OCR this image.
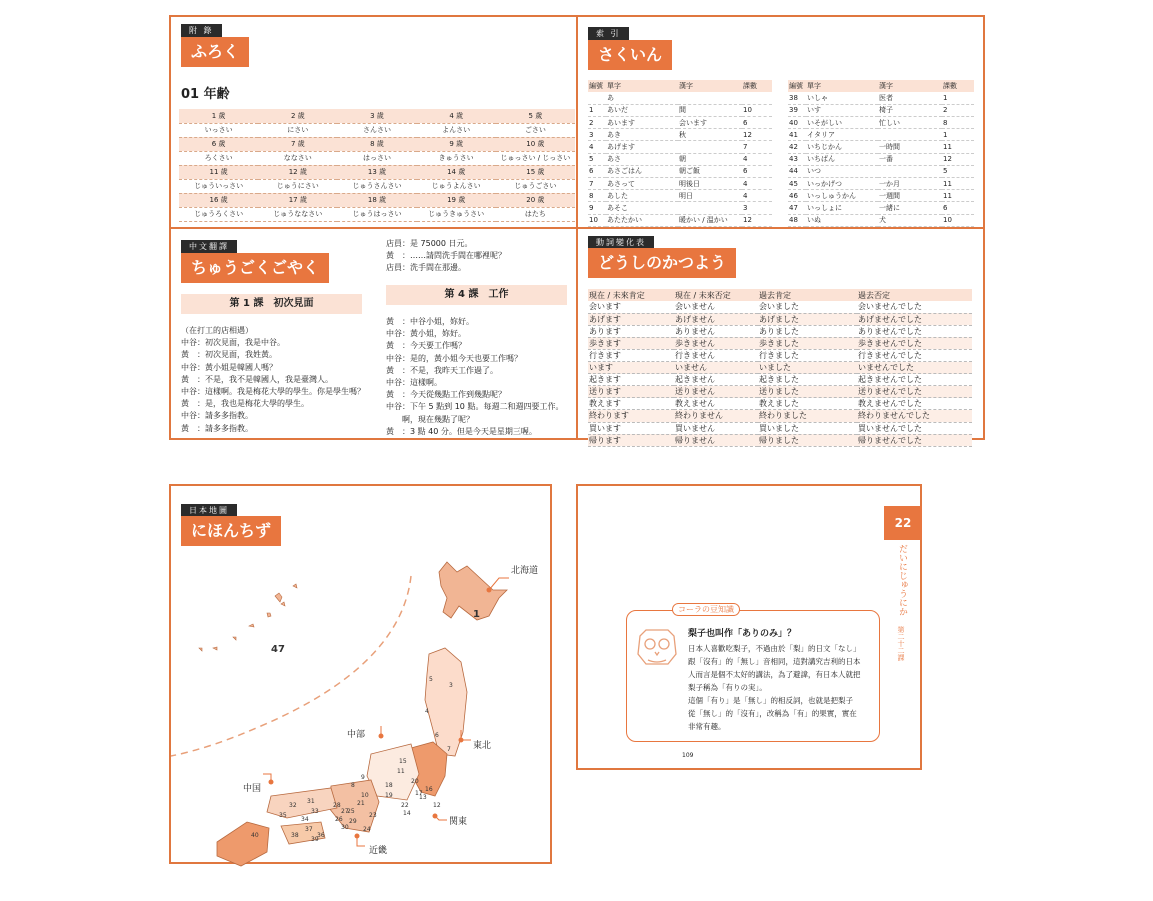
附 錄
ふろく
01 年齢
1 歲	2 歲	3 歲	4 歲	5 歲
いっさい	にさい	さんさい	よんさい	ごさい
6 歲	7 歲	8 歲	9 歲	10 歲
ろくさい	ななさい	はっさい	きゅうさい	じゅっさい / じっさい
11 歲	12 歲	13 歲	14 歲	15 歲
じゅういっさい	じゅうにさい	じゅうさんさい	じゅうよんさい	じゅうごさい
16 歲	17 歲	18 歲	19 歲	20 歲
じゅうろくさい	じゅうななさい	じゅうはっさい	じゅうきゅうさい	はたち
索 引
さくいん
編號	單字	漢字	課數
	あ		
1	あいだ	間	10
2	あいます	会います	6
3	あき	秋	12
4	あげます		7
5	あさ	朝	4
6	あさごはん	朝ご飯	6
7	あさって	明後日	4
8	あした	明日	4
9	あそこ		3
10	あたたかい	暖かい / 温かい	12
編號	單字	漢字	課數
38	いしゃ	医者	1
39	いす	椅子	2
40	いそがしい	忙しい	8
41	イタリア		1
42	いちじかん	一時間	11
43	いちばん	一番	12
44	いつ		5
45	いっかげつ	一か月	11
46	いっしゅうかん	一週間	11
47	いっしょに	一緒に	6
48	いぬ	犬	10
中文翻譯
ちゅうごくごやく
店員：是 75000 日元。
黃　：……請問洗手間在哪裡呢？
店員：洗手間在那邊。
第 1 課　初次見面
第 4 課　工作
（在打工的店相遇）
中谷：初次見面，我是中谷。
黃　：初次見面，我姓黃。
中谷：黃小姐是韓國人嗎？
黃　：不是，我不是韓國人，我是臺灣人。
中谷：這樣啊。我是梅花大學的學生。你是學生嗎？
黃　：是，我也是梅花大學的學生。
中谷：請多多指教。
黃　：請多多指教。
黃　：中谷小姐，妳好。
中谷：黃小姐，妳好。
黃　：今天要工作嗎？
中谷：是的，黃小姐今天也要工作嗎？
黃　：不是，我昨天工作過了。
中谷：這樣啊。
黃　：今天從幾點工作到幾點呢？
中谷：下午 5 點到 10 點。每週二和週四要工作。
　　啊，現在幾點了呢？
黃　：3 點 40 分。但是今天是星期三喔。
動詞變化表
どうしのかつよう
現在 / 未來肯定	現在 / 未來否定	過去肯定	過去否定
会います	会いません	会いました	会いませんでした
あげます	あげません	あげました	あげませんでした
あります	ありません	ありました	ありませんでした
歩きます	歩きません	歩きました	歩きませんでした
行きます	行きません	行きました	行きませんでした
います	いません	いました	いませんでした
起きます	起きません	起きました	起きませんでした
送ります	送りません	送りました	送りませんでした
教えます	教えません	教えました	教えませんでした
終わります	終わりません	終わりました	終わりませんでした
買います	買いません	買いました	買いませんでした
帰ります	帰りません	帰りました	帰りませんでした
日本地圖
にほんちず
北海道
東北
中部
関東
中国
近畿
1
47
5
3
4
6
7
15
20
16
17
12
13
14
11
9
8
10	19
18
21	22
23
24
25
26
27
28
29
30
31
32
33
34
35
36
37
38
39
40
22
だいにじゅうにか
第二十二課
コーラの豆知識
梨子也叫作「ありのみ」？
日本人喜歡吃梨子，不過由於「梨」的日文「なし」
跟「沒有」的「無し」音相同，這對講究吉利的日本
人而言是個不太好的講法，為了避諱，有日本人就把
梨子稱為「有りの実」。
這個「有り」是「無し」的相反詞，也就是把梨子
從「無し」的「沒有」，改稱為「有」的果實，實在
非常有趣。
109
